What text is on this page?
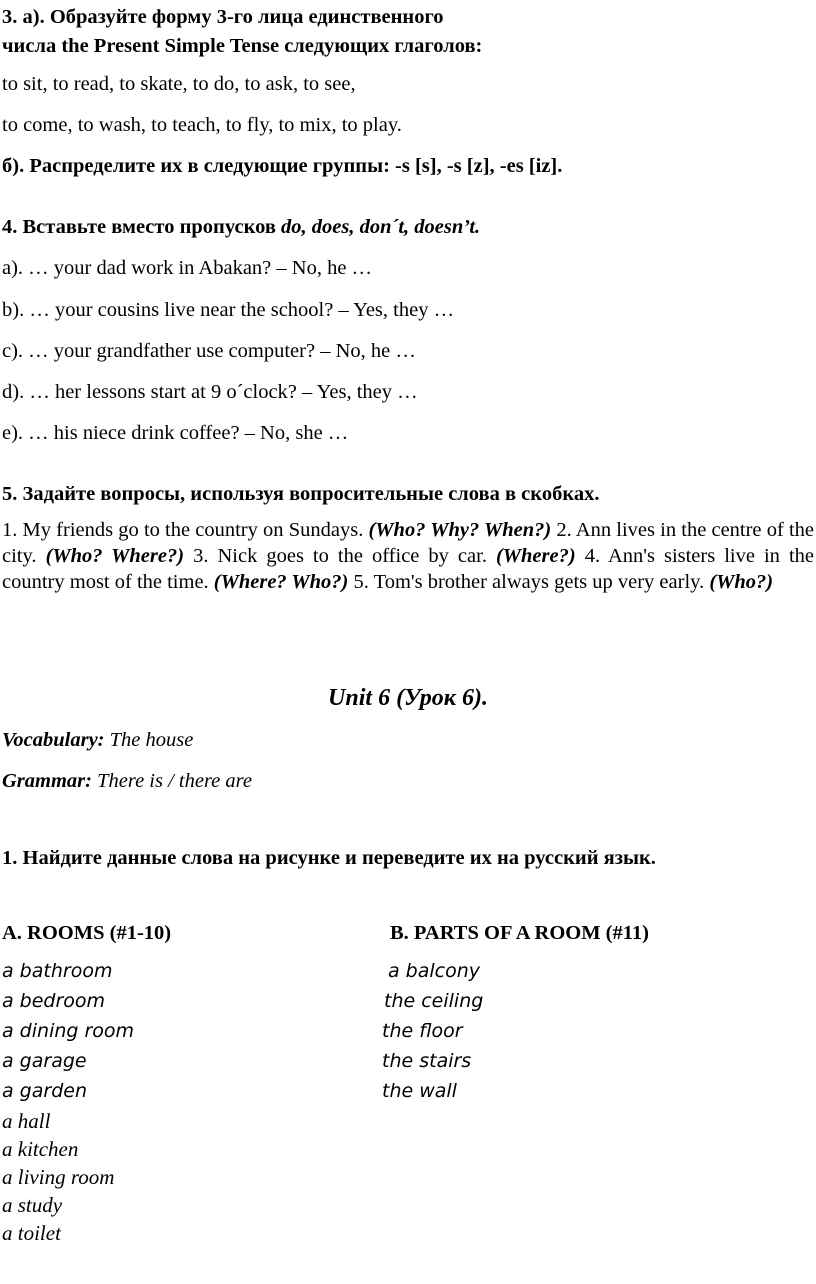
3. а). Образуйте форму 3-го лица единственного
числа the Present Simple Tense следующих глаголов:
to sit, to read, to skate, to do, to ask, to see,
to come, to wash, to teach, to fly, to mix, to play.
б). Распределите их в следующие группы: -s [s], -s [z], -es [iz].
4. Вставьте вместо пропусков do, does, don´t, doesn’t.
а). … your dad work in Abakan? – No, he …
b). … your cousins live near the school? – Yes, they …
c). … your grandfather use computer? – No, he …
d). … her lessons start at 9 o´clock? – Yes, they …
e). … his niece drink coffee? – No, she …
5. Задайте вопросы, используя вопросительные слова в скобках.
1. My friends go to the country on Sundays. (Who? Why? When?) 2. Ann lives in the centre of the city. (Who? Where?) 3. Nick goes to the office by car. (Where?) 4. Ann's sisters live in the country most of the time. (Where? Who?) 5. Tom's brother always gets up very early. (Who?)
Unit 6 (Урок 6).
Vocabulary: The house
Grammar: There is / there are
1. Найдите данные слова на рисунке и переведите их на русский язык.
A. ROOMS (#1-10)	B. PARTS OF A ROOM (#11)
a bathroom
a bedroom
a dining room
a garage
a garden
a hall
a kitchen
a living room
a study
a toilet
a balcony
the ceiling
the floor
the stairs
the wall
